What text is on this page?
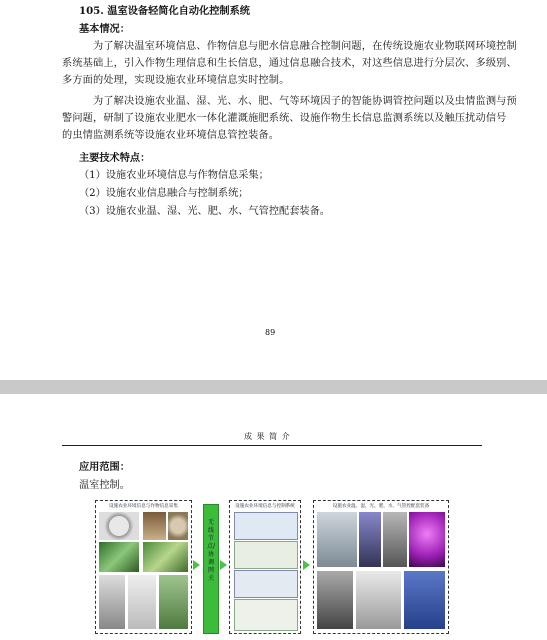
105. 温室设备轻简化自动化控制系统
基本情况：
为了解决温室环境信息、作物信息与肥水信息融合控制问题，在传统设施农业物联网环境控制
系统基础上，引入作物生理信息和生长信息，通过信息融合技术，对这些信息进行分层次、多级别、
多方面的处理，实现设施农业环境信息实时控制。
为了解决设施农业温、湿、光、水、肥、气等环境因子的智能协调管控问题以及虫情监测与预
警问题，研制了设施农业肥水一体化灌溉施肥系统、设施作物生长信息监测系统以及触压扰动信号
的虫情监测系统等设施农业环境信息管控装备。
主要技术特点：
（1）设施农业环境信息与作物信息采集；
（2）设施农业信息融合与控制系统；
（3）设施农业温、湿、光、肥、水、气管控配套装备。
89
成 果 简 介
应用范围：
温室控制。
设施农业环境信息与作物信息采集
无线节点/协调网关
设施农业环境信息与控制系统	设施农业温、湿、光、肥、水、气管控配套装备
